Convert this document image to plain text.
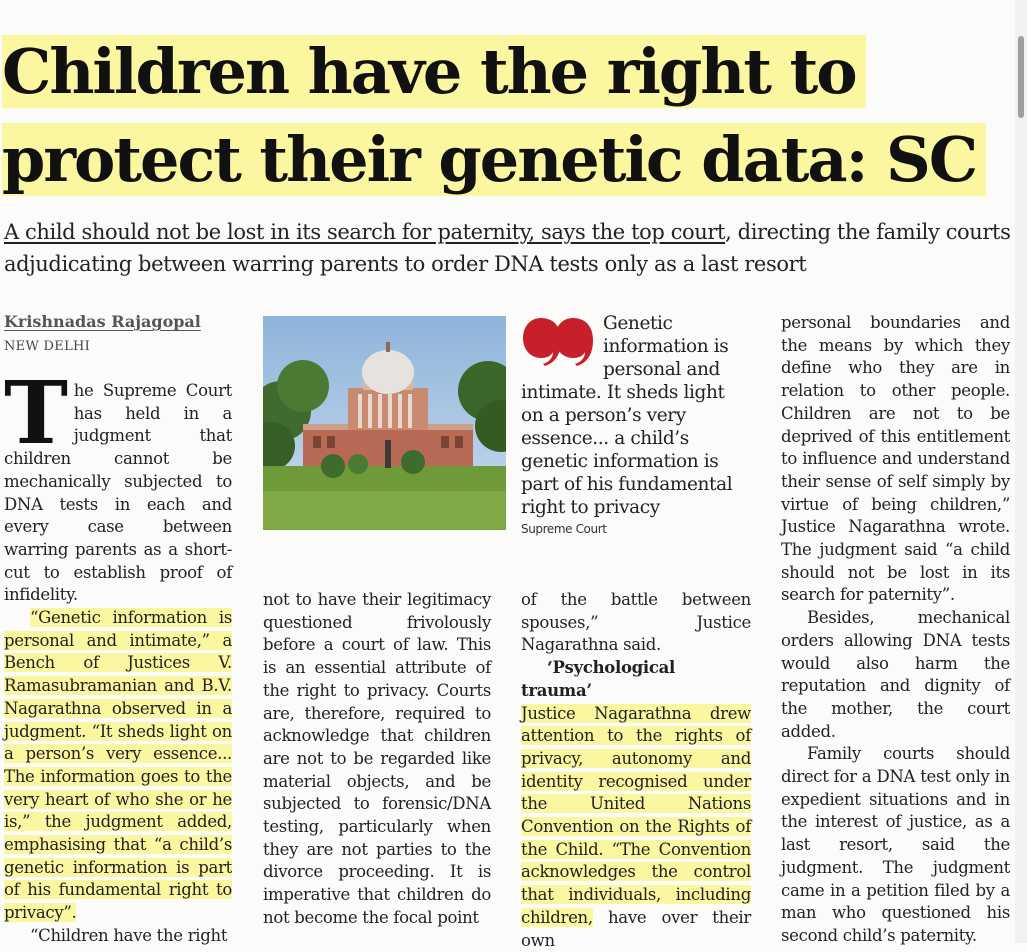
Children have the right to
protect their genetic data: SC
A child should not be lost in its search for paternity, says the top court, directing the family courts adjudicating between warring parents to order DNA tests only as a last resort
Krishnadas Rajagopal
NEW DELHI

The Supreme Court has held in a judgment that children cannot be mechanically subjected to DNA tests in each and every case between warring parents as a short-cut to establish proof of infidelity.

“Genetic information is personal and intimate,” a Bench of Justices V. Ramasubramanian and B.V. Nagarathna observed in a judgment. “It sheds light on a person’s very essence... The information goes to the very heart of who she or he is,” the judgment added, emphasising that “a child’s genetic information is part of his fundamental right to privacy”.

“Children have the right

Genetic information is personal and intimate. It sheds light on a person’s very essence... a child’s genetic information is part of his fundamental right to privacy
Supreme Court

not to have their legitimacy questioned frivolously before a court of law. This is an essential attribute of the right to privacy. Courts are, therefore, required to acknowledge that children are not to be regarded like material objects, and be subjected to forensic/DNA testing, particularly when they are not parties to the divorce proceeding. It is imperative that children do not become the focal point

of the battle between spouses,” Justice Nagarathna said.

‘Psychological trauma’

Justice Nagarathna drew attention to the rights of privacy, autonomy and identity recognised under the United Nations Convention on the Rights of the Child. “The Convention acknowledges the control that individuals, including children, have over their own

personal boundaries and the means by which they define who they are in relation to other people. Children are not to be deprived of this entitlement to influence and understand their sense of self simply by virtue of being children,” Justice Nagarathna wrote. The judgment said “a child should not be lost in its search for paternity”.

Besides, mechanical orders allowing DNA tests would also harm the reputation and dignity of the mother, the court added.

Family courts should direct for a DNA test only in expedient situations and in the interest of justice, as a last resort, said the judgment. The judgment came in a petition filed by a man who questioned his second child’s paternity.
